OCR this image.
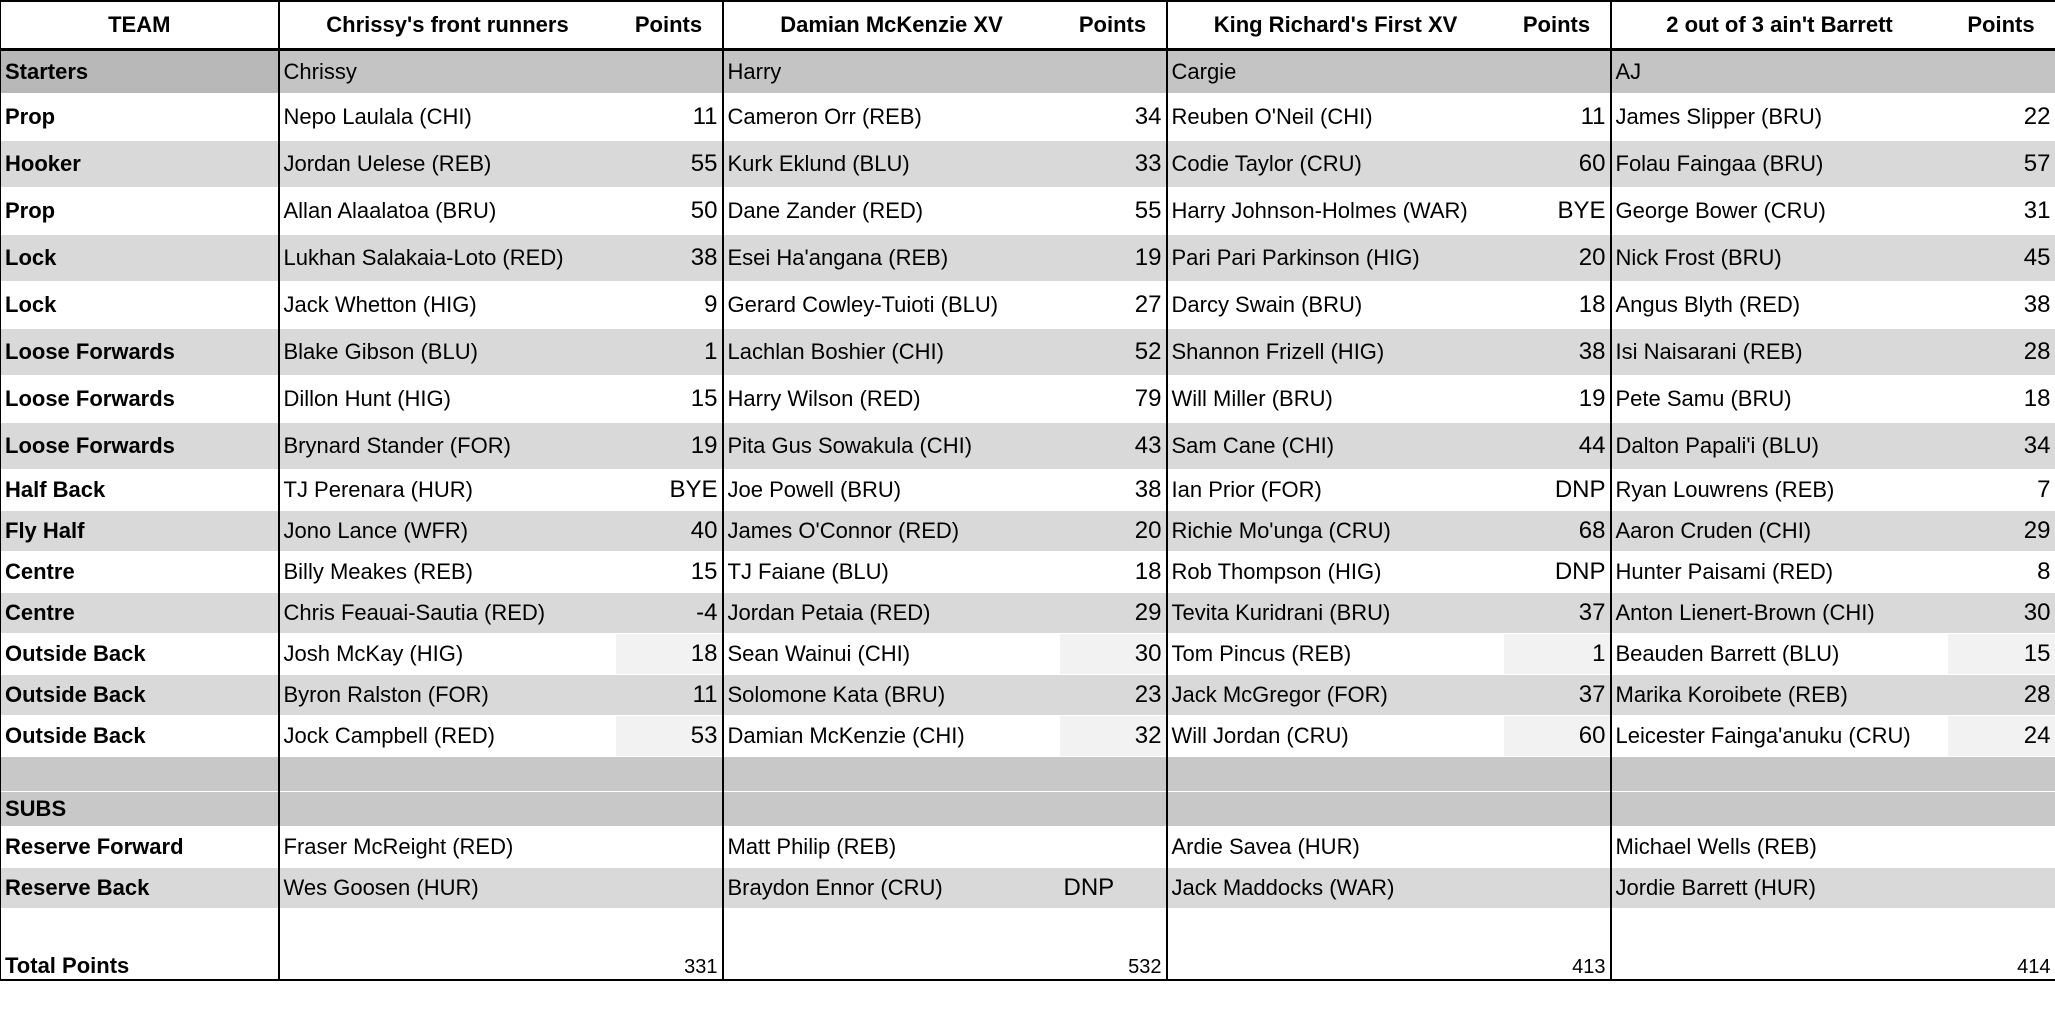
TEAM	Chrissy's front runners	Points	Damian McKenzie XV	Points	King Richard's First XV	Points	2 out of 3 ain't Barrett	Points
Starters	Chrissy		Harry		Cargie		AJ	
Prop	Nepo Laulala (CHI)	11	Cameron Orr (REB)	34	Reuben O'Neil (CHI)	11	James Slipper (BRU)	22
Hooker	Jordan Uelese (REB)	55	Kurk Eklund (BLU)	33	Codie Taylor (CRU)	60	Folau Faingaa (BRU)	57
Prop	Allan Alaalatoa (BRU)	50	Dane Zander (RED)	55	Harry Johnson-Holmes (WAR)	BYE	George Bower (CRU)	31
Lock	Lukhan Salakaia-Loto (RED)	38	Esei Ha'angana (REB)	19	Pari Pari Parkinson (HIG)	20	Nick Frost (BRU)	45
Lock	Jack Whetton (HIG)	9	Gerard Cowley-Tuioti (BLU)	27	Darcy Swain (BRU)	18	Angus Blyth (RED)	38
Loose Forwards	Blake Gibson (BLU)	1	Lachlan Boshier (CHI)	52	Shannon Frizell (HIG)	38	Isi Naisarani (REB)	28
Loose Forwards	Dillon Hunt (HIG)	15	Harry Wilson (RED)	79	Will Miller (BRU)	19	Pete Samu (BRU)	18
Loose Forwards	Brynard Stander (FOR)	19	Pita Gus Sowakula (CHI)	43	Sam Cane (CHI)	44	Dalton Papali'i (BLU)	34
Half Back	TJ Perenara (HUR)	BYE	Joe Powell (BRU)	38	Ian Prior (FOR)	DNP	Ryan Louwrens (REB)	7
Fly Half	Jono Lance (WFR)	40	James O'Connor (RED)	20	Richie Mo'unga (CRU)	68	Aaron Cruden (CHI)	29
Centre	Billy Meakes (REB)	15	TJ Faiane (BLU)	18	Rob Thompson (HIG)	DNP	Hunter Paisami (RED)	8
Centre	Chris Feauai-Sautia (RED)	-4	Jordan Petaia (RED)	29	Tevita Kuridrani (BRU)	37	Anton Lienert-Brown (CHI)	30
Outside Back	Josh McKay (HIG)	18	Sean Wainui (CHI)	30	Tom Pincus (REB)	1	Beauden Barrett (BLU)	15
Outside Back	Byron Ralston (FOR)	11	Solomone Kata (BRU)	23	Jack McGregor (FOR)	37	Marika Koroibete (REB)	28
Outside Back	Jock Campbell (RED)	53	Damian McKenzie (CHI)	32	Will Jordan (CRU)	60	Leicester Fainga'anuku (CRU)	24

SUBS								
Reserve Forward	Fraser McReight (RED)		Matt Philip (REB)		Ardie Savea (HUR)		Michael Wells (REB)	
Reserve Back	Wes Goosen (HUR)		Braydon Ennor (CRU)	DNP	Jack Maddocks (WAR)		Jordie Barrett (HUR)	
Total Points		331		532		413		414
